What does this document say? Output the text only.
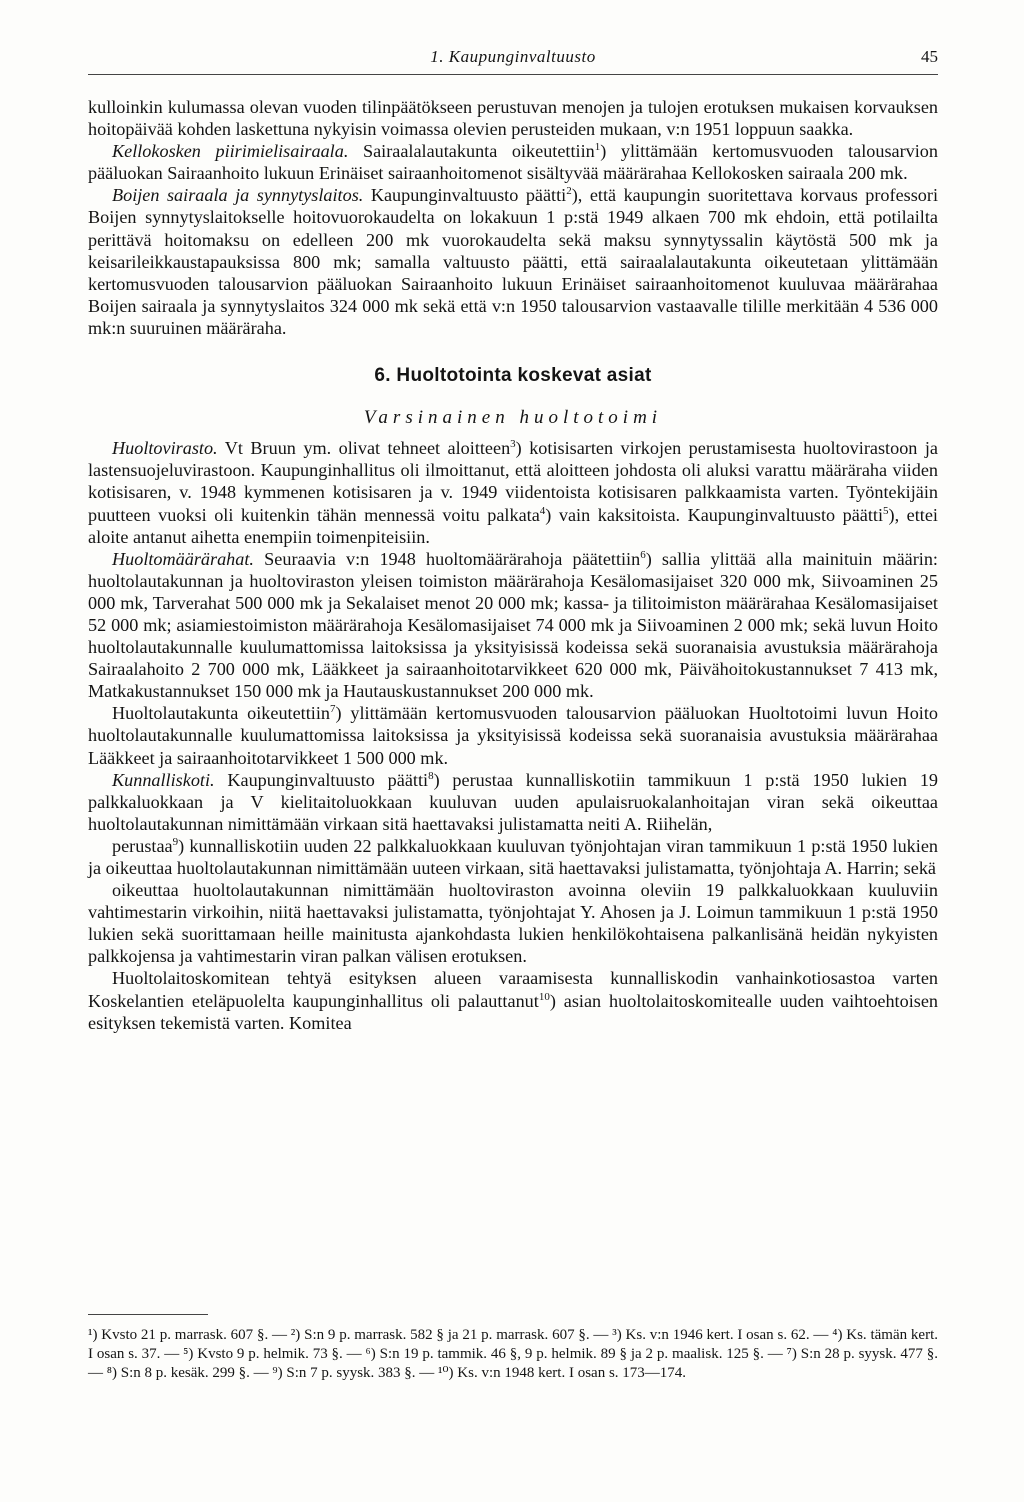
1. Kaupunginvaltuusto	45

kulloinkin kulumassa olevan vuoden tilinpäätökseen perustuvan menojen ja tulojen erotuksen mukaisen korvauksen hoitopäivää kohden laskettuna nykyisin voimassa olevien perusteiden mukaan, v:n 1951 loppuun saakka.

Kellokosken piirimielisairaala. Sairaalalautakunta oikeutettiin$^1$) ylittämään kertomusvuoden talousarvion pääluokan Sairaanhoito lukuun Erinäiset sairaanhoitomenot sisältyvää määrärahaa Kellokosken sairaala 200 mk.

Boijen sairaala ja synnytyslaitos. Kaupunginvaltuusto päätti$^2$), että kaupungin suoritettava korvaus professori Boijen synnytyslaitokselle hoitovuorokaudelta on lokakuun 1 p:stä 1949 alkaen 700 mk ehdoin, että potilailta perittävä hoitomaksu on edelleen 200 mk vuorokaudelta sekä maksu synnytyssalin käytöstä 500 mk ja keisarileikkaustapauksissa 800 mk; samalla valtuusto päätti, että sairaalalautakunta oikeutetaan ylittämään kertomusvuoden talousarvion pääluokan Sairaanhoito lukuun Erinäiset sairaanhoitomenot kuuluvaa määrärahaa Boijen sairaala ja synnytyslaitos 324 000 mk sekä että v:n 1950 talousarvion vastaavalle tilille merkitään 4 536 000 mk:n suuruinen määräraha.

6. Huoltotointa koskevat asiat
Varsinainen huoltotoimi

Huoltovirasto. Vt Bruun ym. olivat tehneet aloitteen$^3$) kotisisarten virkojen perustamisesta huoltovirastoon ja lastensuojeluvirastoon. Kaupunginhallitus oli ilmoittanut, että aloitteen johdosta oli aluksi varattu määräraha viiden kotisisaren, v. 1948 kymmenen kotisisaren ja v. 1949 viidentoista kotisisaren palkkaamista varten. Työntekijäin puutteen vuoksi oli kuitenkin tähän mennessä voitu palkata$^4$) vain kaksitoista. Kaupunginvaltuusto päätti$^5$), ettei aloite antanut aihetta enempiin toimenpiteisiin.

Huoltomäärärahat. Seuraavia v:n 1948 huoltomäärärahoja päätettiin$^6$) sallia ylittää alla mainituin määrin: huoltolautakunnan ja huoltoviraston yleisen toimiston määrärahoja Kesälomasijaiset 320 000 mk, Siivoaminen 25 000 mk, Tarverahat 500 000 mk ja Sekalaiset menot 20 000 mk; kassa- ja tilitoimiston määrärahaa Kesälomasijaiset 52 000 mk; asiamiestoimiston määrärahoja Kesälomasijaiset 74 000 mk ja Siivoaminen 2 000 mk; sekä luvun Hoito huoltolautakunnalle kuulumattomissa laitoksissa ja yksityisissä kodeissa sekä suoranaisia avustuksia määrärahoja Sairaalahoito 2 700 000 mk, Lääkkeet ja sairaanhoitotarvikkeet 620 000 mk, Päivähoitokustannukset 7 413 mk, Matkakustannukset 150 000 mk ja Hautauskustannukset 200 000 mk.

Huoltolautakunta oikeutettiin$^7$) ylittämään kertomusvuoden talousarvion pääluokan Huoltotoimi luvun Hoito huoltolautakunnalle kuulumattomissa laitoksissa ja yksityisissä kodeissa sekä suoranaisia avustuksia määrärahaa Lääkkeet ja sairaanhoitotarvikkeet 1 500 000 mk.

Kunnalliskoti. Kaupunginvaltuusto päätti$^8$) perustaa kunnalliskotiin tammikuun 1 p:stä 1950 lukien 19 palkkaluokkaan ja V kielitaitoluokkaan kuuluvan uuden apulaisruokalanhoitajan viran sekä oikeuttaa huoltolautakunnan nimittämään virkaan sitä haettavaksi julistamatta neiti A. Riihelän,

perustaa$^9$) kunnalliskotiin uuden 22 palkkaluokkaan kuuluvan työnjohtajan viran tammikuun 1 p:stä 1950 lukien ja oikeuttaa huoltolautakunnan nimittämään uuteen virkaan, sitä haettavaksi julistamatta, työnjohtaja A. Harrin; sekä

oikeuttaa huoltolautakunnan nimittämään huoltoviraston avoinna oleviin 19 palkkaluokkaan kuuluviin vahtimestarin virkoihin, niitä haettavaksi julistamatta, työnjohtajat Y. Ahosen ja J. Loimun tammikuun 1 p:stä 1950 lukien sekä suorittamaan heille mainitusta ajankohdasta lukien henkilökohtaisena palkanlisänä heidän nykyisten palkkojensa ja vahtimestarin viran palkan välisen erotuksen.

Huoltolaitoskomitean tehtyä esityksen alueen varaamisesta kunnalliskodin vanhainkotiosastoa varten Koskelantien eteläpuolelta kaupunginhallitus oli palauttanut$^{10}$) asian huoltolaitoskomitealle uuden vaihtoehtoisen esityksen tekemistä varten. Komitea

¹) Kvsto 21 p. marrask. 607 §. — ²) S:n 9 p. marrask. 582 § ja 21 p. marrask. 607 §. — ³) Ks. v:n 1946 kert. I osan s. 62. — ⁴) Ks. tämän kert. I osan s. 37. — ⁵) Kvsto 9 p. helmik. 73 §. — ⁶) S:n 19 p. tammik. 46 §, 9 p. helmik. 89 § ja 2 p. maalisk. 125 §. — ⁷) S:n 28 p. syysk. 477 §. — ⁸) S:n 8 p. kesäk. 299 §. — ⁹) S:n 7 p. syysk. 383 §. — ¹⁰) Ks. v:n 1948 kert. I osan s. 173—174.
